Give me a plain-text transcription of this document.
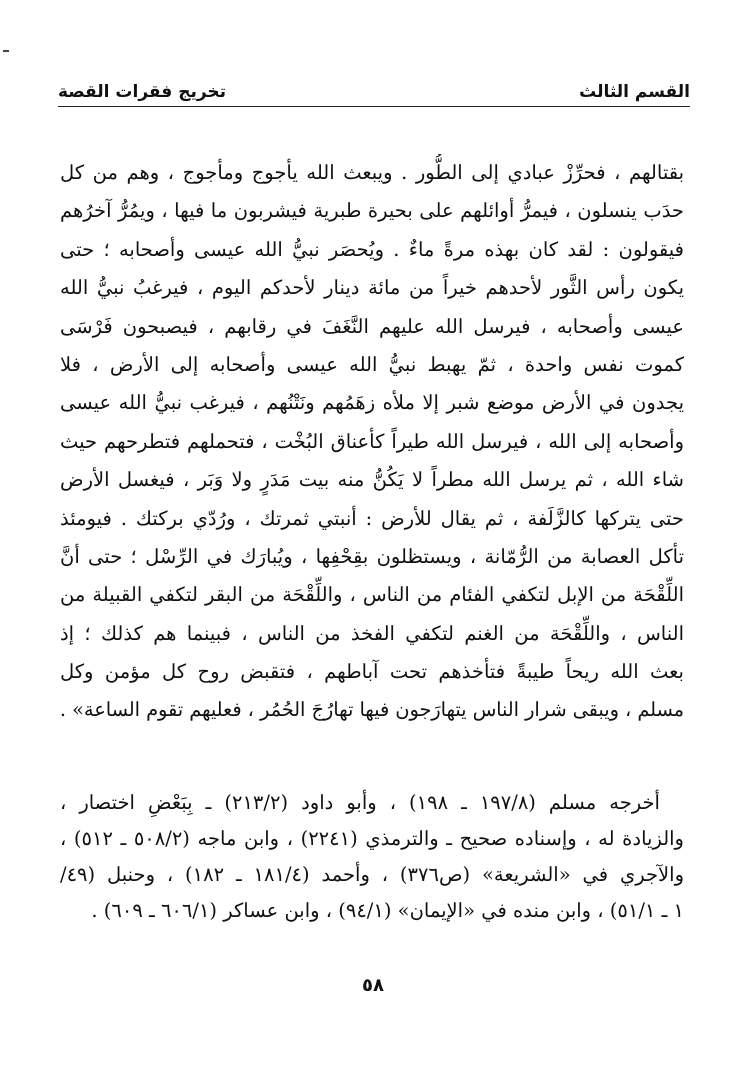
القسم الثالث
تخريج فقرات القصة
بقتالهم ، فحرِّزْ عبادي إلى الطُّور . ويبعث الله يأجوج ومأجوج ، وهم من كل
حدَب ينسلون ، فيمرُّ أوائلهم على بحيرة طبرية فيشربون ما فيها ، ويمُرُّ آخرُهم
فيقولون : لقد كان بهذه مرةً ماءٌ . ويُحصَر نبيُّ الله عيسى وأصحابه ؛ حتى
يكون رأس الثَّور لأحدهم خيراً من مائة دينار لأحدكم اليوم ، فيرغبُ نبيُّ الله
عيسى وأصحابه ، فيرسل الله عليهم النَّغَفَ في رقابهم ، فيصبحون فَرْسَى
كموت نفس واحدة ، ثمّ يهبط نبيُّ الله عيسى وأصحابه إلى الأرض ، فلا
يجدون في الأرض موضع شبر إلا ملأه زهَمُهم ونَتْنُهم ، فيرغب نبيُّ الله عيسى
وأصحابه إلى الله ، فيرسل الله طيراً كأعناق البُخْت ، فتحملهم فتطرحهم حيث
شاء الله ، ثم يرسل الله مطراً لا يَكُنُّ منه بيت مَدَرٍ ولا وَبَر ، فيغسل الأرض
حتى يتركها كالزَّلَفة ، ثم يقال للأرض : أنبتي ثمرتك ، ورُدّي بركتك . فيومئذ
تأكل العصابة من الرُّمّانة ، ويستظلون بقِحْفِها ، ويُبارَك في الرِّسْل ؛ حتى أنَّ
اللِّقْحَة من الإبل لتكفي الفئام من الناس ، واللِّقْحَة من البقر لتكفي القبيلة من
الناس ، واللِّقْحَة من الغنم لتكفي الفخذ من الناس ، فبينما هم كذلك ؛ إذ
بعث الله ريحاً طيبةً فتأخذهم تحت آباطهم ، فتقبض روح كل مؤمن وكل
مسلم ، ويبقى شرار الناس يتهارَجون فيها تهارُجَ الحُمُر ، فعليهم تقوم الساعة» .
أخرجه مسلم (١٩٧/٨ ـ ١٩٨) ، وأبو داود (٢١٣/٢) ـ بِبَعْضِ اختصار ،
والزيادة له ، وإسناده صحيح ـ والترمذي (٢٢٤١) ، وابن ماجه (٥٠٨/٢ ـ ٥١٢) ،
والآجري في «الشريعة» (ص٣٧٦) ، وأحمد (١٨١/٤ ـ ١٨٢) ، وحنبل (٤٩/
١ ـ ٥١/١) ، وابن منده في «الإيمان» (٩٤/١) ، وابن عساكر (٦٠٦/١ ـ ٦٠٩) .
٥٨
